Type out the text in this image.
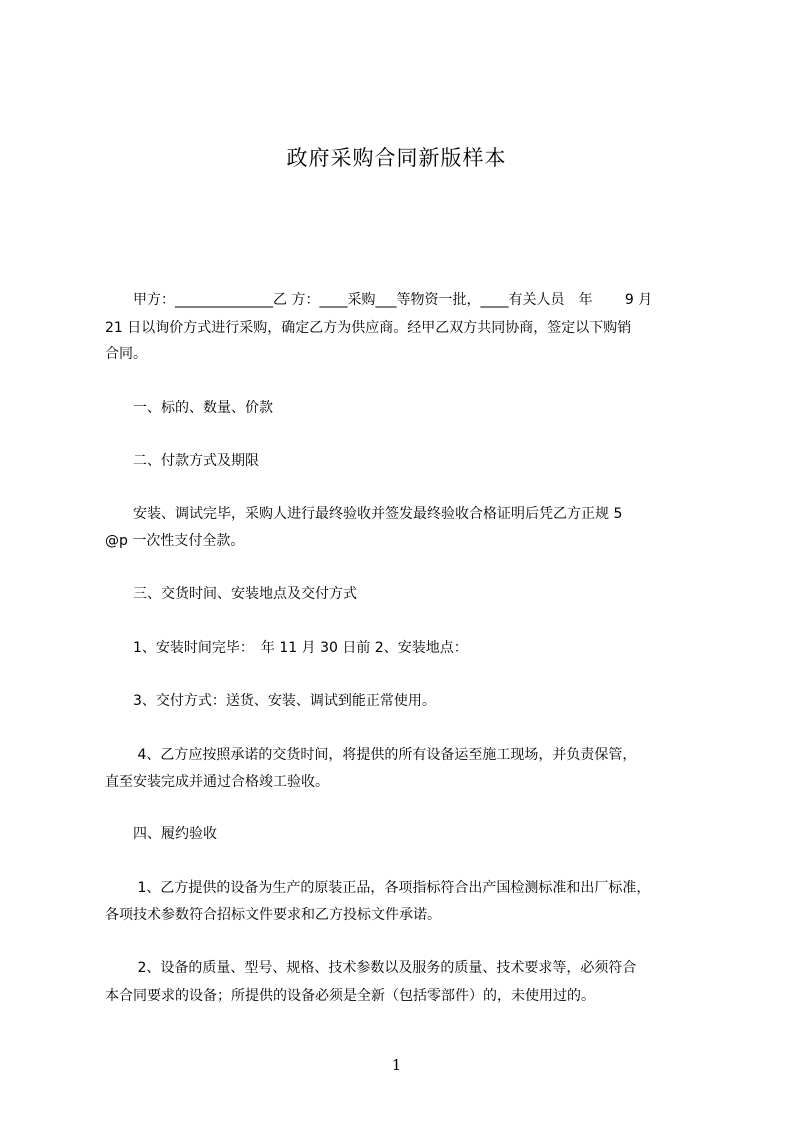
政府采购合同新版样本

　　甲方：______________乙 方：____采购___等物资一批，____有关人员　年　　 9 月

21 日以询价方式进行采购，确定乙方为供应商。经甲乙双方共同协商，签定以下购销

合同。

　　一、标的、数量、价款

　　二、付款方式及期限

　　安装、调试完毕，采购人进行最终验收并签发最终验收合格证明后凭乙方正规 5

@p 一次性支付全款。

　　三、交货时间、安装地点及交付方式

　　1、安装时间完毕：　年 11 月 30 日前 2、安装地点：

　　3、交付方式：送货、安装、调试到能正常使用。

　　 4、乙方应按照承诺的交货时间，将提供的所有设备运至施工现场，并负责保管，

直至安装完成并通过合格竣工验收。

　　四、履约验收

　　 1、乙方提供的设备为生产的原装正品，各项指标符合出产国检测标准和出厂标准，

各项技术参数符合招标文件要求和乙方投标文件承诺。

　　 2、设备的质量、型号、规格、技术参数以及服务的质量、技术要求等，必须符合

本合同要求的设备；所提供的设备必须是全新（包括零部件）的，未使用过的。

1
